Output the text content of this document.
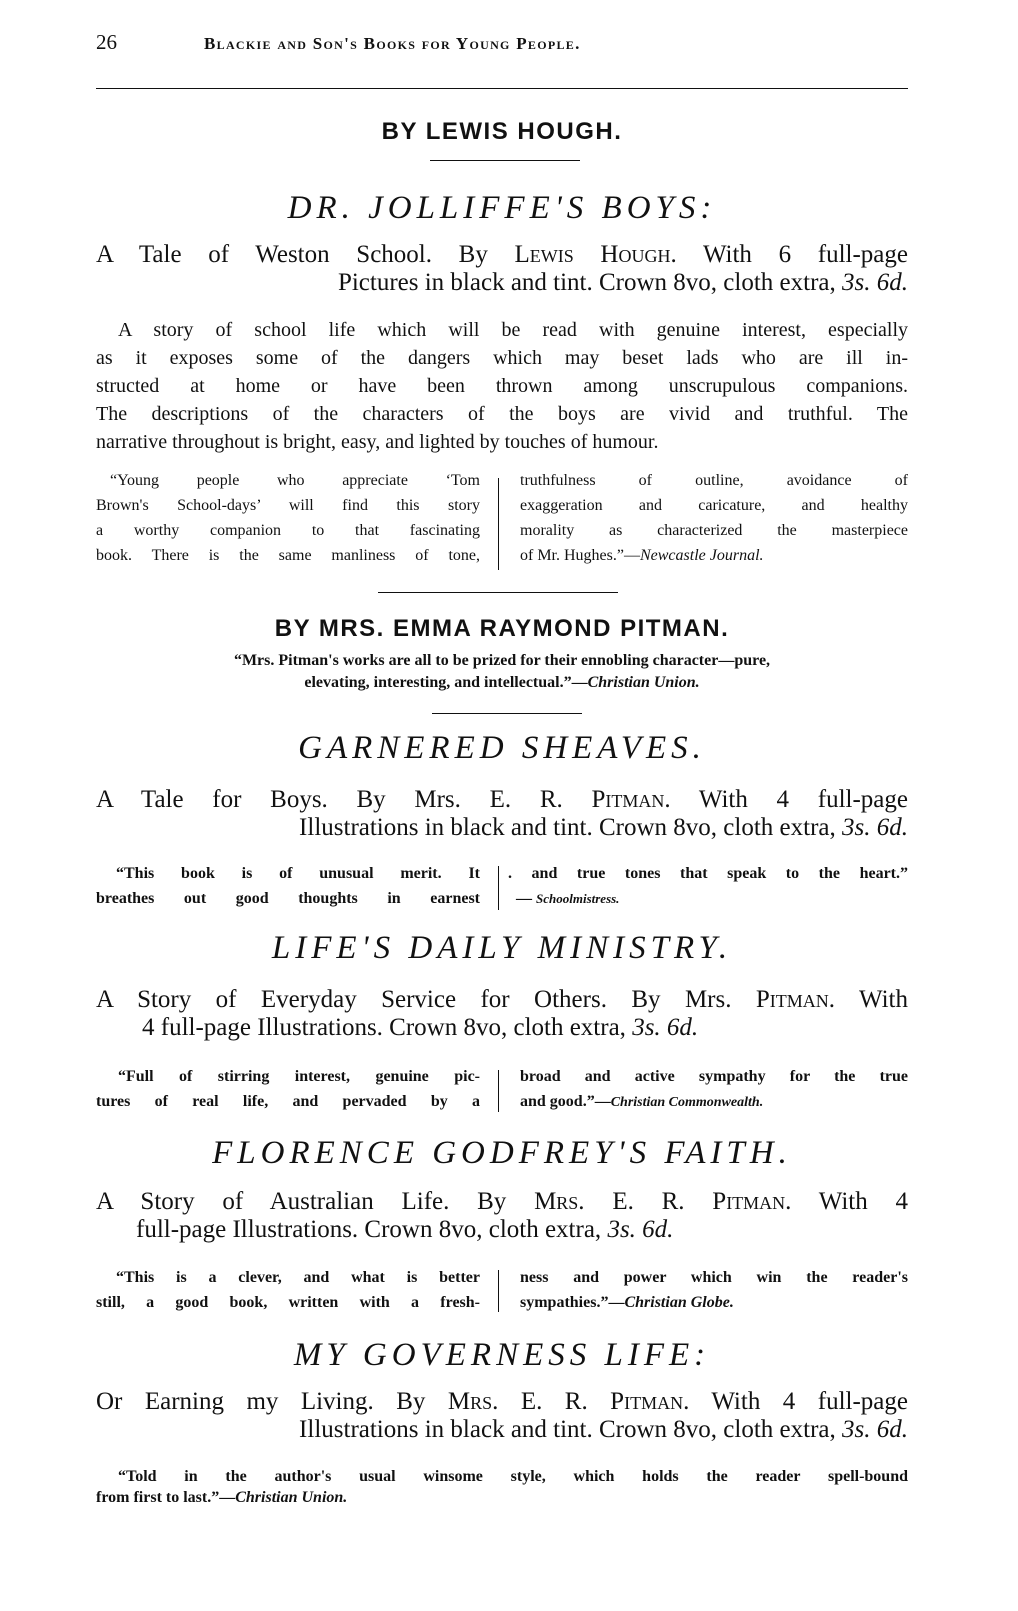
26	Blackie and Son's Books for Young People.
BY LEWIS HOUGH.
DR. JOLLIFFE'S BOYS:
A Tale of Weston School. By Lewis Hough. With 6 full-page
Pictures in black and tint. Crown 8vo, cloth extra, 3s. 6d.
A story of school life which will be read with genuine interest, especially
as it exposes some of the dangers which may beset lads who are ill in-
structed at home or have been thrown among unscrupulous companions.
The descriptions of the characters of the boys are vivid and truthful. The
narrative throughout is bright, easy, and lighted by touches of humour.
“Young people who appreciate ‘Tom
Brown's School-days’ will find this story
a worthy companion to that fascinating
book. There is the same manliness of tone,
truthfulness of outline, avoidance of
exaggeration and caricature, and healthy
morality as characterized the masterpiece
of Mr. Hughes.”—Newcastle Journal.
BY MRS. EMMA RAYMOND PITMAN.
“Mrs. Pitman's works are all to be prized for their ennobling character—pure,
elevating, interesting, and intellectual.”—Christian Union.
GARNERED SHEAVES.
A Tale for Boys. By Mrs. E. R. Pitman. With 4 full-page
Illustrations in black and tint. Crown 8vo, cloth extra, 3s. 6d.
“This book is of unusual merit. It
breathes out good thoughts in earnest
. and true tones that speak to the heart.”
— Schoolmistress.
LIFE'S DAILY MINISTRY.
A Story of Everyday Service for Others. By Mrs. Pitman. With
4 full-page Illustrations. Crown 8vo, cloth extra, 3s. 6d.
“Full of stirring interest, genuine pic-
tures of real life, and pervaded by a
broad and active sympathy for the true
and good.”—Christian Commonwealth.
FLORENCE GODFREY'S FAITH.
A Story of Australian Life. By Mrs. E. R. Pitman. With 4
full-page Illustrations. Crown 8vo, cloth extra, 3s. 6d.
“This is a clever, and what is better
still, a good book, written with a fresh-
ness and power which win the reader's
sympathies.”—Christian Globe.
MY GOVERNESS LIFE:
Or Earning my Living. By Mrs. E. R. Pitman. With 4 full-page
Illustrations in black and tint. Crown 8vo, cloth extra, 3s. 6d.
“Told in the author's usual winsome style, which holds the reader spell-bound
from first to last.”—Christian Union.
